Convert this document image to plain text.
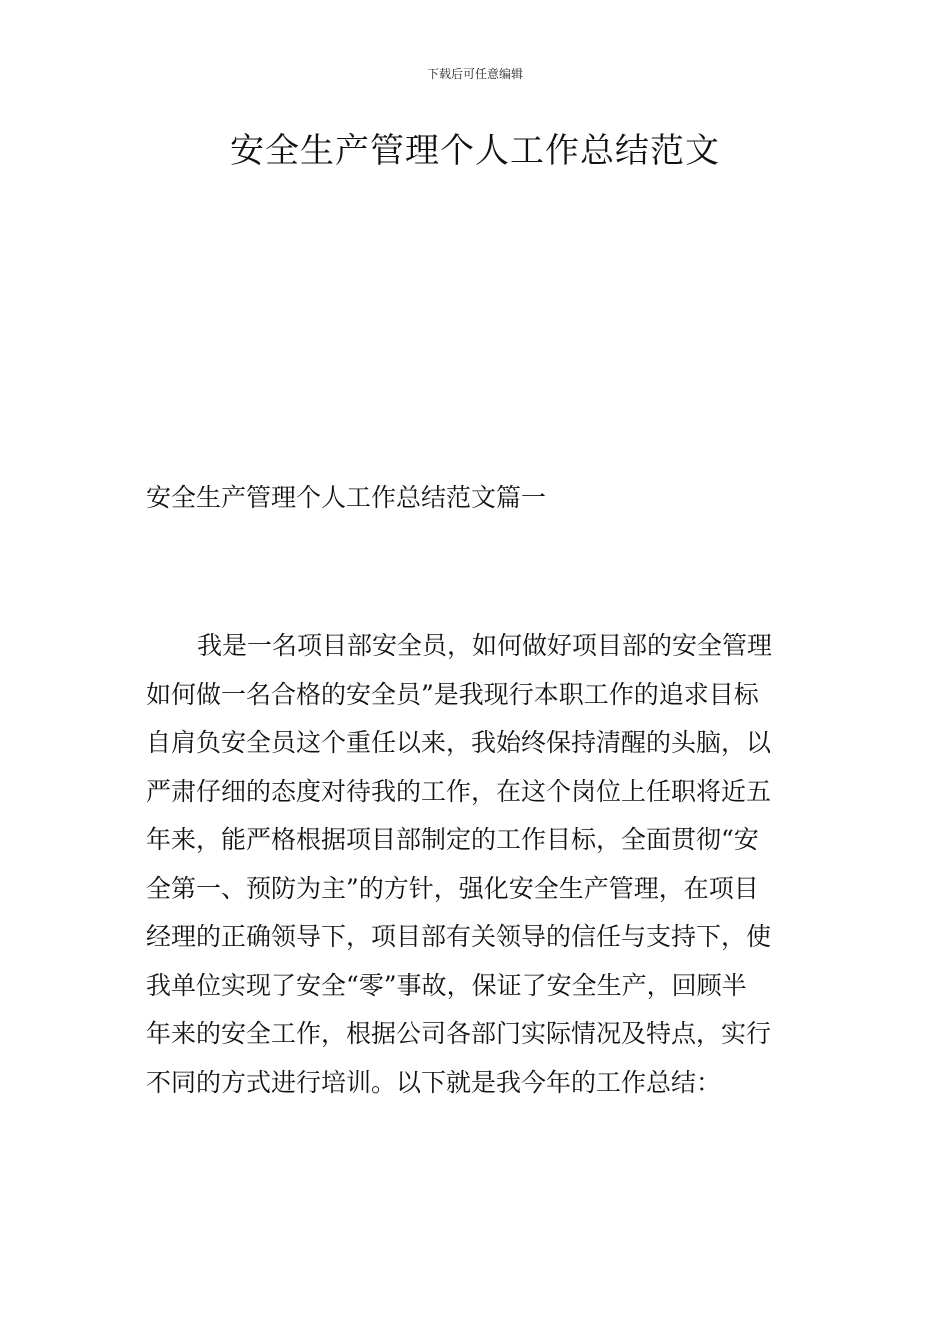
下载后可任意编辑
安全生产管理个人工作总结范文
安全生产管理个人工作总结范文篇一

我是一名项目部安全员，如何做好项目部的安全管理
如何做一名合格的安全员”是我现行本职工作的追求目标
自肩负安全员这个重任以来，我始终保持清醒的头脑，以
严肃仔细的态度对待我的工作，在这个岗位上任职将近五
年来，能严格根据项目部制定的工作目标，全面贯彻“安
全第一、预防为主”的方针，强化安全生产管理，在项目
经理的正确领导下，项目部有关领导的信任与支持下，使
我单位实现了安全“零”事故，保证了安全生产，回顾半
年来的安全工作，根据公司各部门实际情况及特点，实行
不同的方式进行培训。以下就是我今年的工作总结：
